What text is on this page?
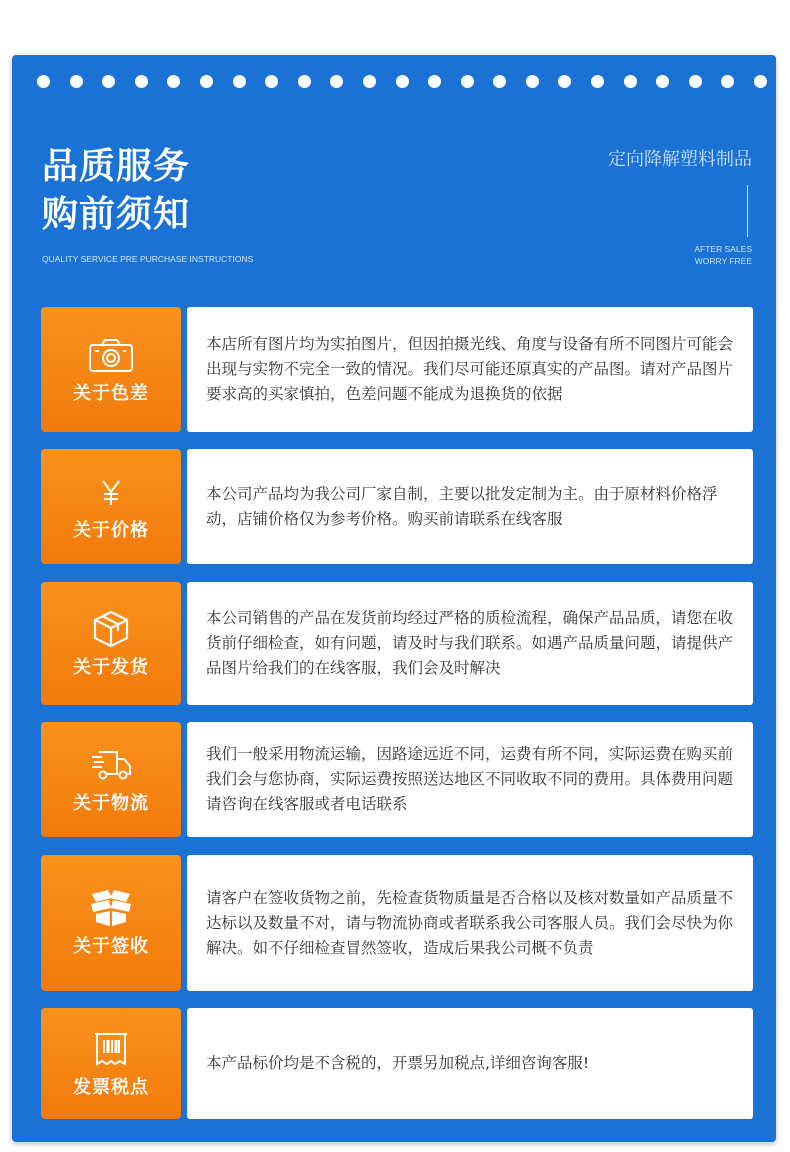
品质服务
购前须知
QUALITY SERVICE PRE PURCHASE INSTRUCTIONS
定向降解塑料制品
AFTER SALES
WORRY FREE
关于色差

本店所有图片均为实拍图片，但因拍摄光线、角度与设备有所不同图片可能会出现与实物不完全一致的情况。我们尽可能还原真实的产品图。请对产品图片要求高的买家慎拍，色差问题不能成为退换货的依据

关于价格

本公司产品均为我公司厂家自制，主要以批发定制为主。由于原材料价格浮动，店铺价格仅为参考价格。购买前请联系在线客服

关于发货

本公司销售的产品在发货前均经过严格的质检流程，确保产品品质，请您在收货前仔细检查，如有问题，请及时与我们联系。如遇产品质量问题，请提供产品图片给我们的在线客服，我们会及时解决

关于物流

我们一般采用物流运输，因路途远近不同，运费有所不同，实际运费在购买前我们会与您协商，实际运费按照送达地区不同收取不同的费用。具体费用问题请咨询在线客服或者电话联系

关于签收

请客户在签收货物之前，先检查货物质量是否合格以及核对数量如产品质量不达标以及数量不对，请与物流协商或者联系我公司客服人员。我们会尽快为你解决。如不仔细检查冒然签收，造成后果我公司概不负责

发票税点

本产品标价均是不含税的，开票另加税点,详细咨询客服!
